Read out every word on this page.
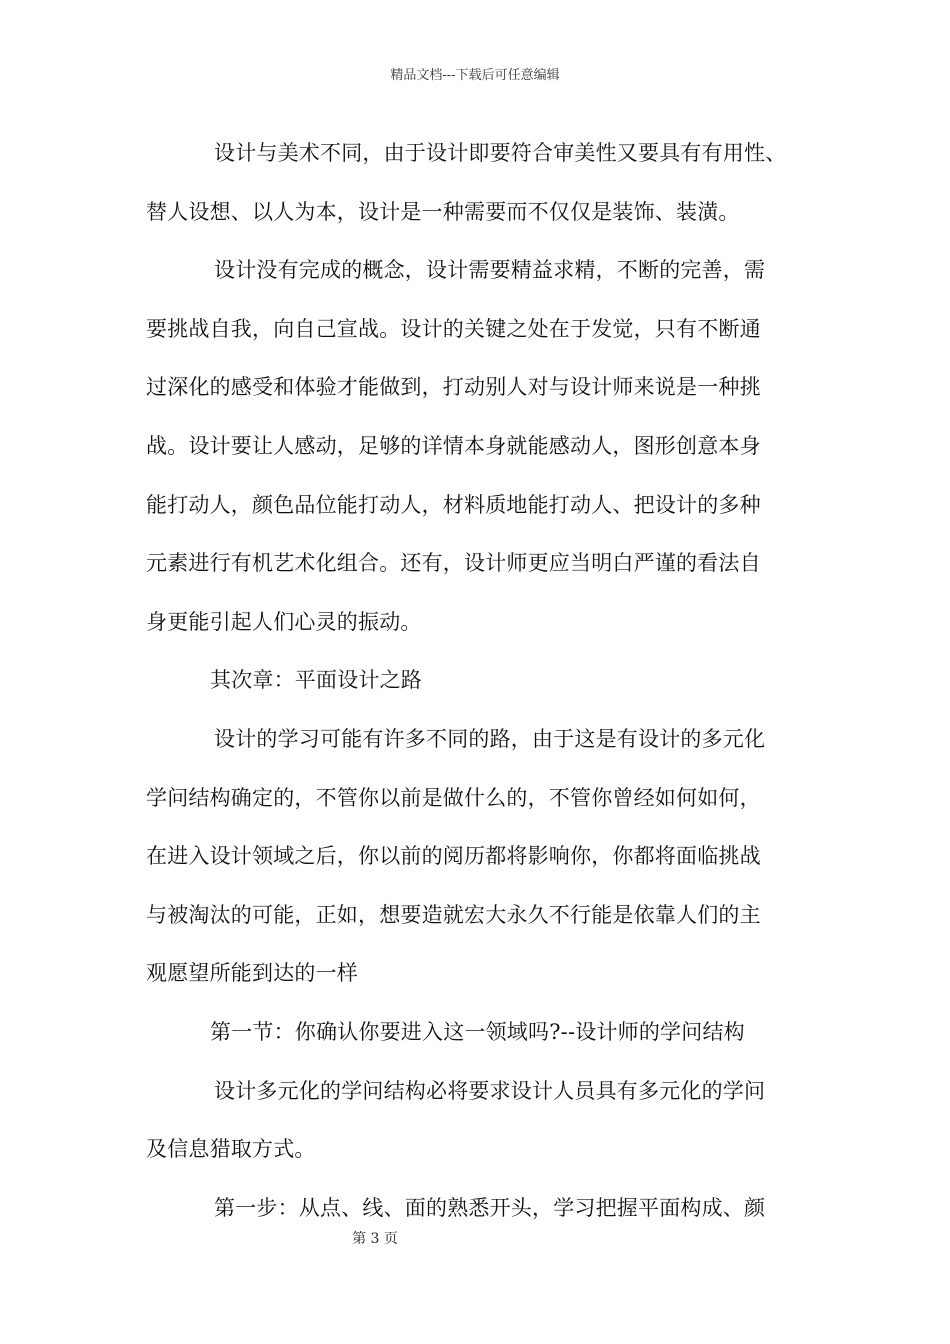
精品文档---下载后可任意编辑
设计与美术不同，由于设计即要符合审美性又要具有有用性、
替人设想、以人为本，设计是一种需要而不仅仅是装饰、装潢。
设计没有完成的概念，设计需要精益求精，不断的完善，需
要挑战自我，向自己宣战。设计的关键之处在于发觉，只有不断通
过深化的感受和体验才能做到，打动别人对与设计师来说是一种挑
战。设计要让人感动，足够的详情本身就能感动人，图形创意本身
能打动人，颜色品位能打动人，材料质地能打动人、把设计的多种
元素进行有机艺术化组合。还有，设计师更应当明白严谨的看法自
身更能引起人们心灵的振动。
其次章：平面设计之路
设计的学习可能有许多不同的路，由于这是有设计的多元化
学问结构确定的，不管你以前是做什么的，不管你曾经如何如何，
在进入设计领域之后，你以前的阅历都将影响你，你都将面临挑战
与被淘汰的可能，正如，想要造就宏大永久不行能是依靠人们的主
观愿望所能到达的一样
第一节：你确认你要进入这一领域吗?--设计师的学问结构
设计多元化的学问结构必将要求设计人员具有多元化的学问
及信息猎取方式。
第一步：从点、线、面的熟悉开头，学习把握平面构成、颜
第 3 页
